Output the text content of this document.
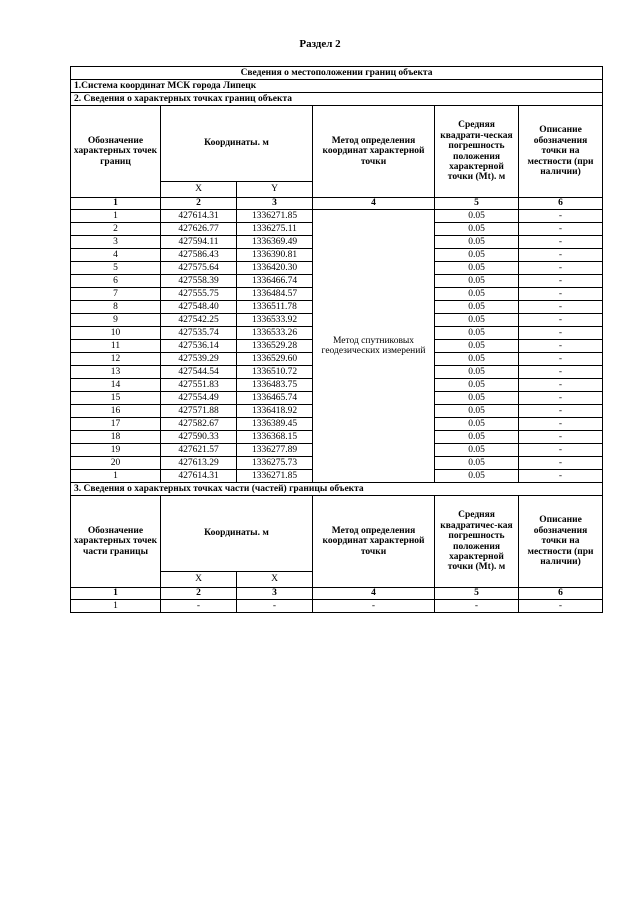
Раздел 2
Сведения о местоположении границ объекта					
1.Система координат МСК города Липецк					
2. Сведения о характерных точках границ объекта					
Обозначение характерных точек границ	Координаты. м		Метод определения координат характерной точки	Средняя квадрати-ческая погрешность положения характерной точки (Mt). м	Описание обозначения точки на местности (при наличии)
	X	Y			
1	2	3	4	5	6
1	427614.31	1336271.85	Метод спутниковых геодезических измерений	0.05	-
2	427626.77	1336275.11		0.05	-
3	427594.11	1336369.49		0.05	-
4	427586.43	1336390.81		0.05	-
5	427575.64	1336420.30		0.05	-
6	427558.39	1336466.74		0.05	-
7	427555.75	1336484.57		0.05	-
8	427548.40	1336511.78		0.05	-
9	427542.25	1336533.92		0.05	-
10	427535.74	1336533.26		0.05	-
11	427536.14	1336529.28		0.05	-
12	427539.29	1336529.60		0.05	-
13	427544.54	1336510.72		0.05	-
14	427551.83	1336483.75		0.05	-
15	427554.49	1336465.74		0.05	-
16	427571.88	1336418.92		0.05	-
17	427582.67	1336389.45		0.05	-
18	427590.33	1336368.15		0.05	-
19	427621.57	1336277.89		0.05	-
20	427613.29	1336275.73		0.05	-
1	427614.31	1336271.85		0.05	-
3. Сведения о характерных точках части (частей) границы объекта					
Обозначение характерных точек части границы	Координаты. м		Метод определения координат характерной точки	Средняя квадратичес-кая погрешность положения характерной точки (Mt). м	Описание обозначения точки на местности (при наличии)
	X	X			
1	2	3	4	5	6
1	-	-	-	-	-
